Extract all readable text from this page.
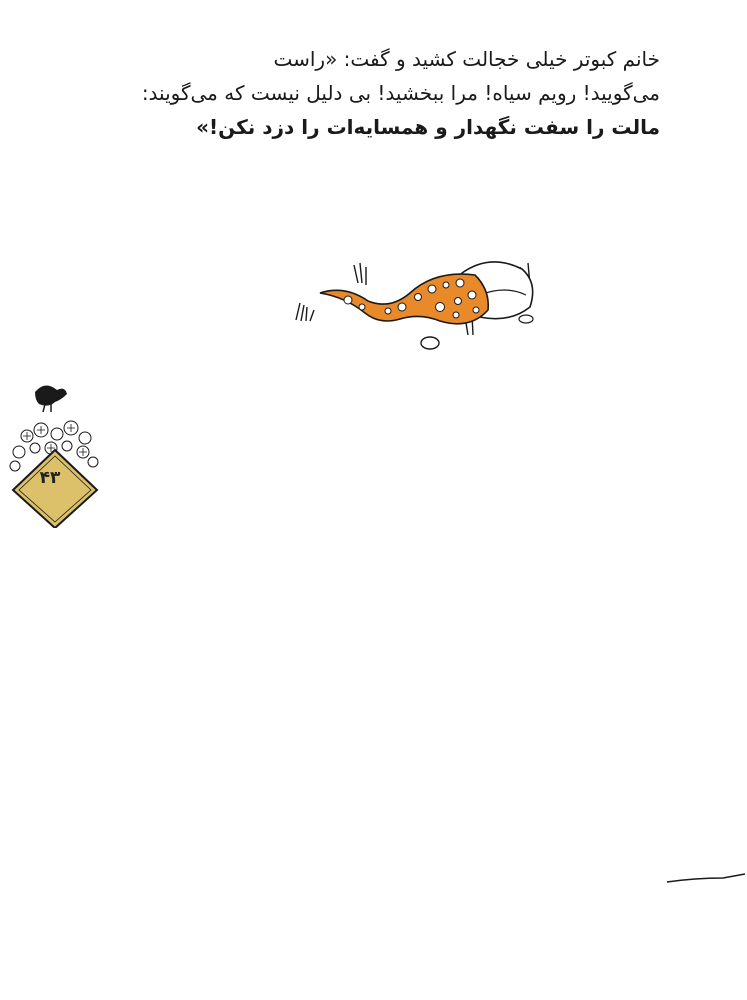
خانم کبوتر خیلی خجالت کشید و گفت: «راست
می‌گویید! رویم سیاه! مرا ببخشید! بی دلیل نیست که می‌گویند:
مالت را سفت نگهدار و همسایه‌ات را دزد نکن!»
۴۳
